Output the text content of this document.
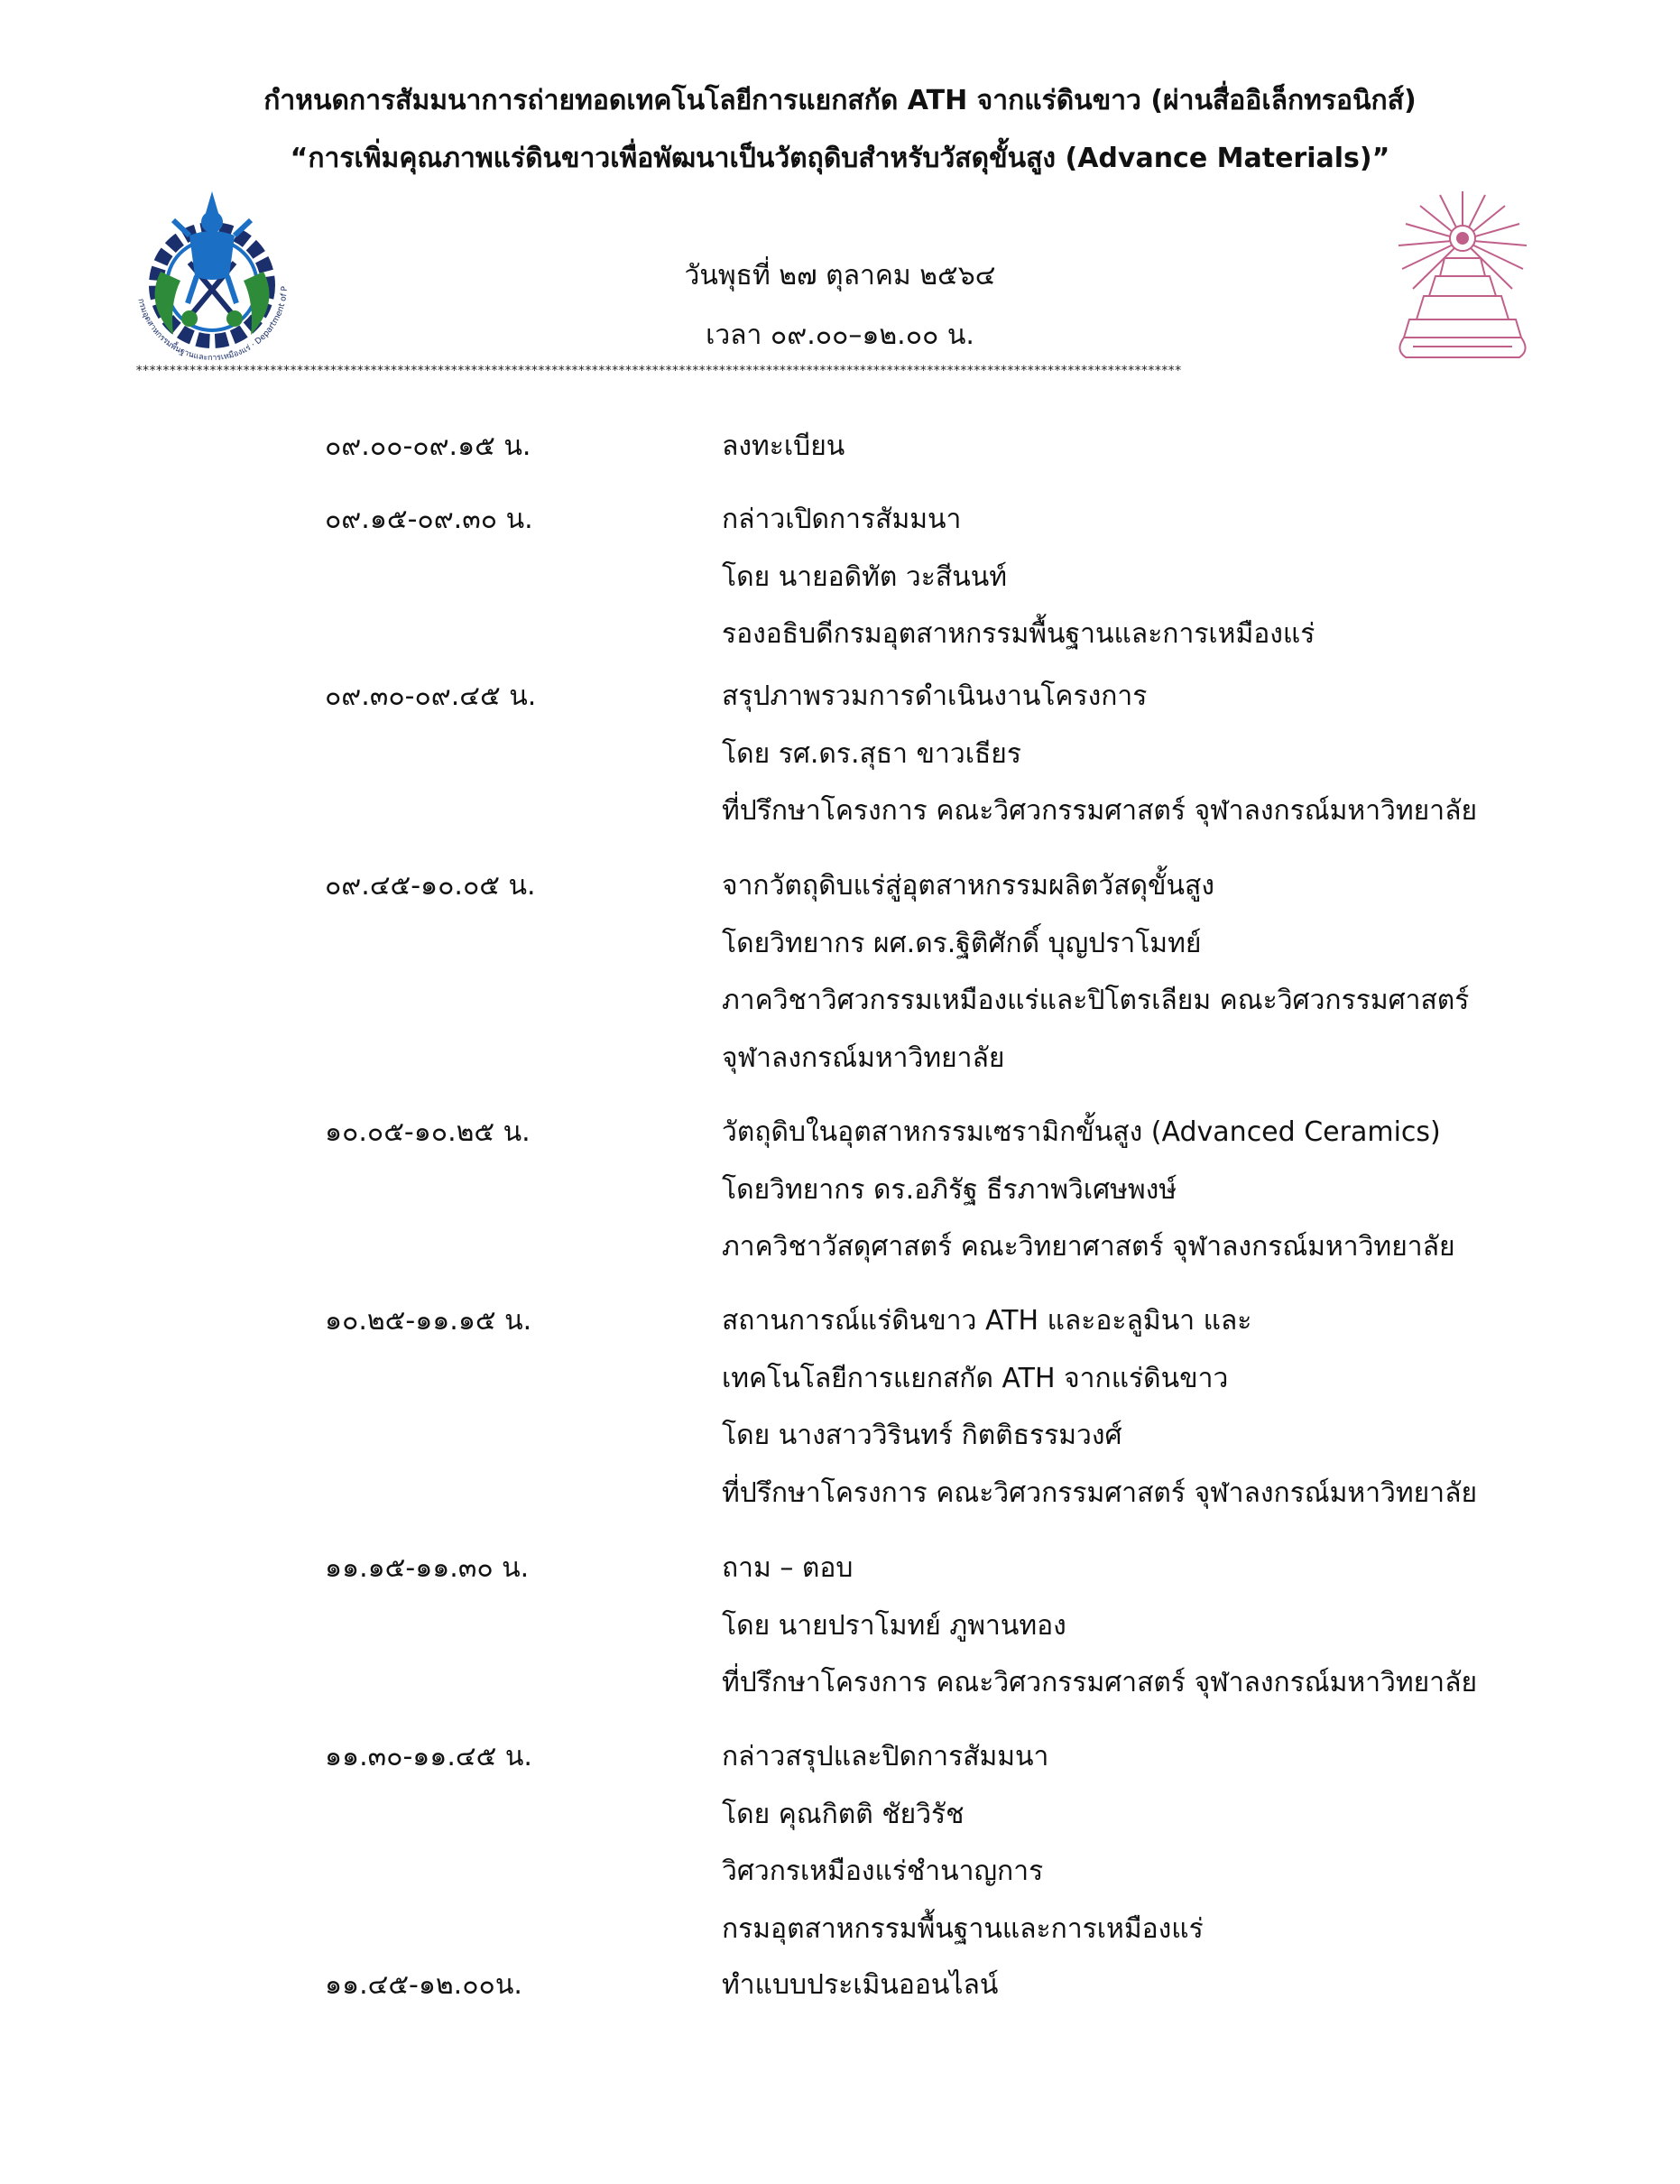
กำหนดการสัมมนาการถ่ายทอดเทคโนโลยีการแยกสกัด ATH จากแร่ดินขาว (ผ่านสื่ออิเล็กทรอนิกส์)
“การเพิ่มคุณภาพแร่ดินขาวเพื่อพัฒนาเป็นวัตถุดิบสำหรับวัสดุขั้นสูง (Advance Materials)”
วันพุธที่ ๒๗ ตุลาคม ๒๕๖๔
เวลา ๐๙.๐๐–๑๒.๐๐ น.
กรมอุตสาหกรรมพื้นฐานและการเหมืองแร่ · Department of P
************************************************************************************************************************************************************
๐๙.๐๐-๐๙.๑๕ น.	ลงทะเบียน
๐๙.๑๕-๐๙.๓๐ น.	กล่าวเปิดการสัมมนา
โดย นายอดิทัต วะสีนนท์
รองอธิบดีกรมอุตสาหกรรมพื้นฐานและการเหมืองแร่
๐๙.๓๐-๐๙.๔๕ น.	สรุปภาพรวมการดำเนินงานโครงการ
โดย รศ.ดร.สุธา ขาวเธียร
ที่ปรึกษาโครงการ คณะวิศวกรรมศาสตร์ จุฬาลงกรณ์มหาวิทยาลัย
๐๙.๔๕-๑๐.๐๕ น.	จากวัตถุดิบแร่สู่อุตสาหกรรมผลิตวัสดุขั้นสูง
โดยวิทยากร ผศ.ดร.ฐิติศักดิ์ บุญปราโมทย์
ภาควิชาวิศวกรรมเหมืองแร่และปิโตรเลียม คณะวิศวกรรมศาสตร์
จุฬาลงกรณ์มหาวิทยาลัย
๑๐.๐๕-๑๐.๒๕ น.	วัตถุดิบในอุตสาหกรรมเซรามิกขั้นสูง (Advanced Ceramics)
โดยวิทยากร ดร.อภิรัฐ ธีรภาพวิเศษพงษ์
ภาควิชาวัสดุศาสตร์ คณะวิทยาศาสตร์ จุฬาลงกรณ์มหาวิทยาลัย
๑๐.๒๕-๑๑.๑๕ น.	สถานการณ์แร่ดินขาว ATH และอะลูมินา และ
เทคโนโลยีการแยกสกัด ATH จากแร่ดินขาว
โดย นางสาววิรินทร์ กิตติธรรมวงศ์
ที่ปรึกษาโครงการ คณะวิศวกรรมศาสตร์ จุฬาลงกรณ์มหาวิทยาลัย
๑๑.๑๕-๑๑.๓๐ น.	ถาม – ตอบ
โดย นายปราโมทย์ ภูพานทอง
ที่ปรึกษาโครงการ คณะวิศวกรรมศาสตร์ จุฬาลงกรณ์มหาวิทยาลัย
๑๑.๓๐-๑๑.๔๕ น.	กล่าวสรุปและปิดการสัมมนา
โดย คุณกิตติ ชัยวิรัช
วิศวกรเหมืองแร่ชำนาญการ
กรมอุตสาหกรรมพื้นฐานและการเหมืองแร่
๑๑.๔๕-๑๒.๐๐น.	ทำแบบประเมินออนไลน์
